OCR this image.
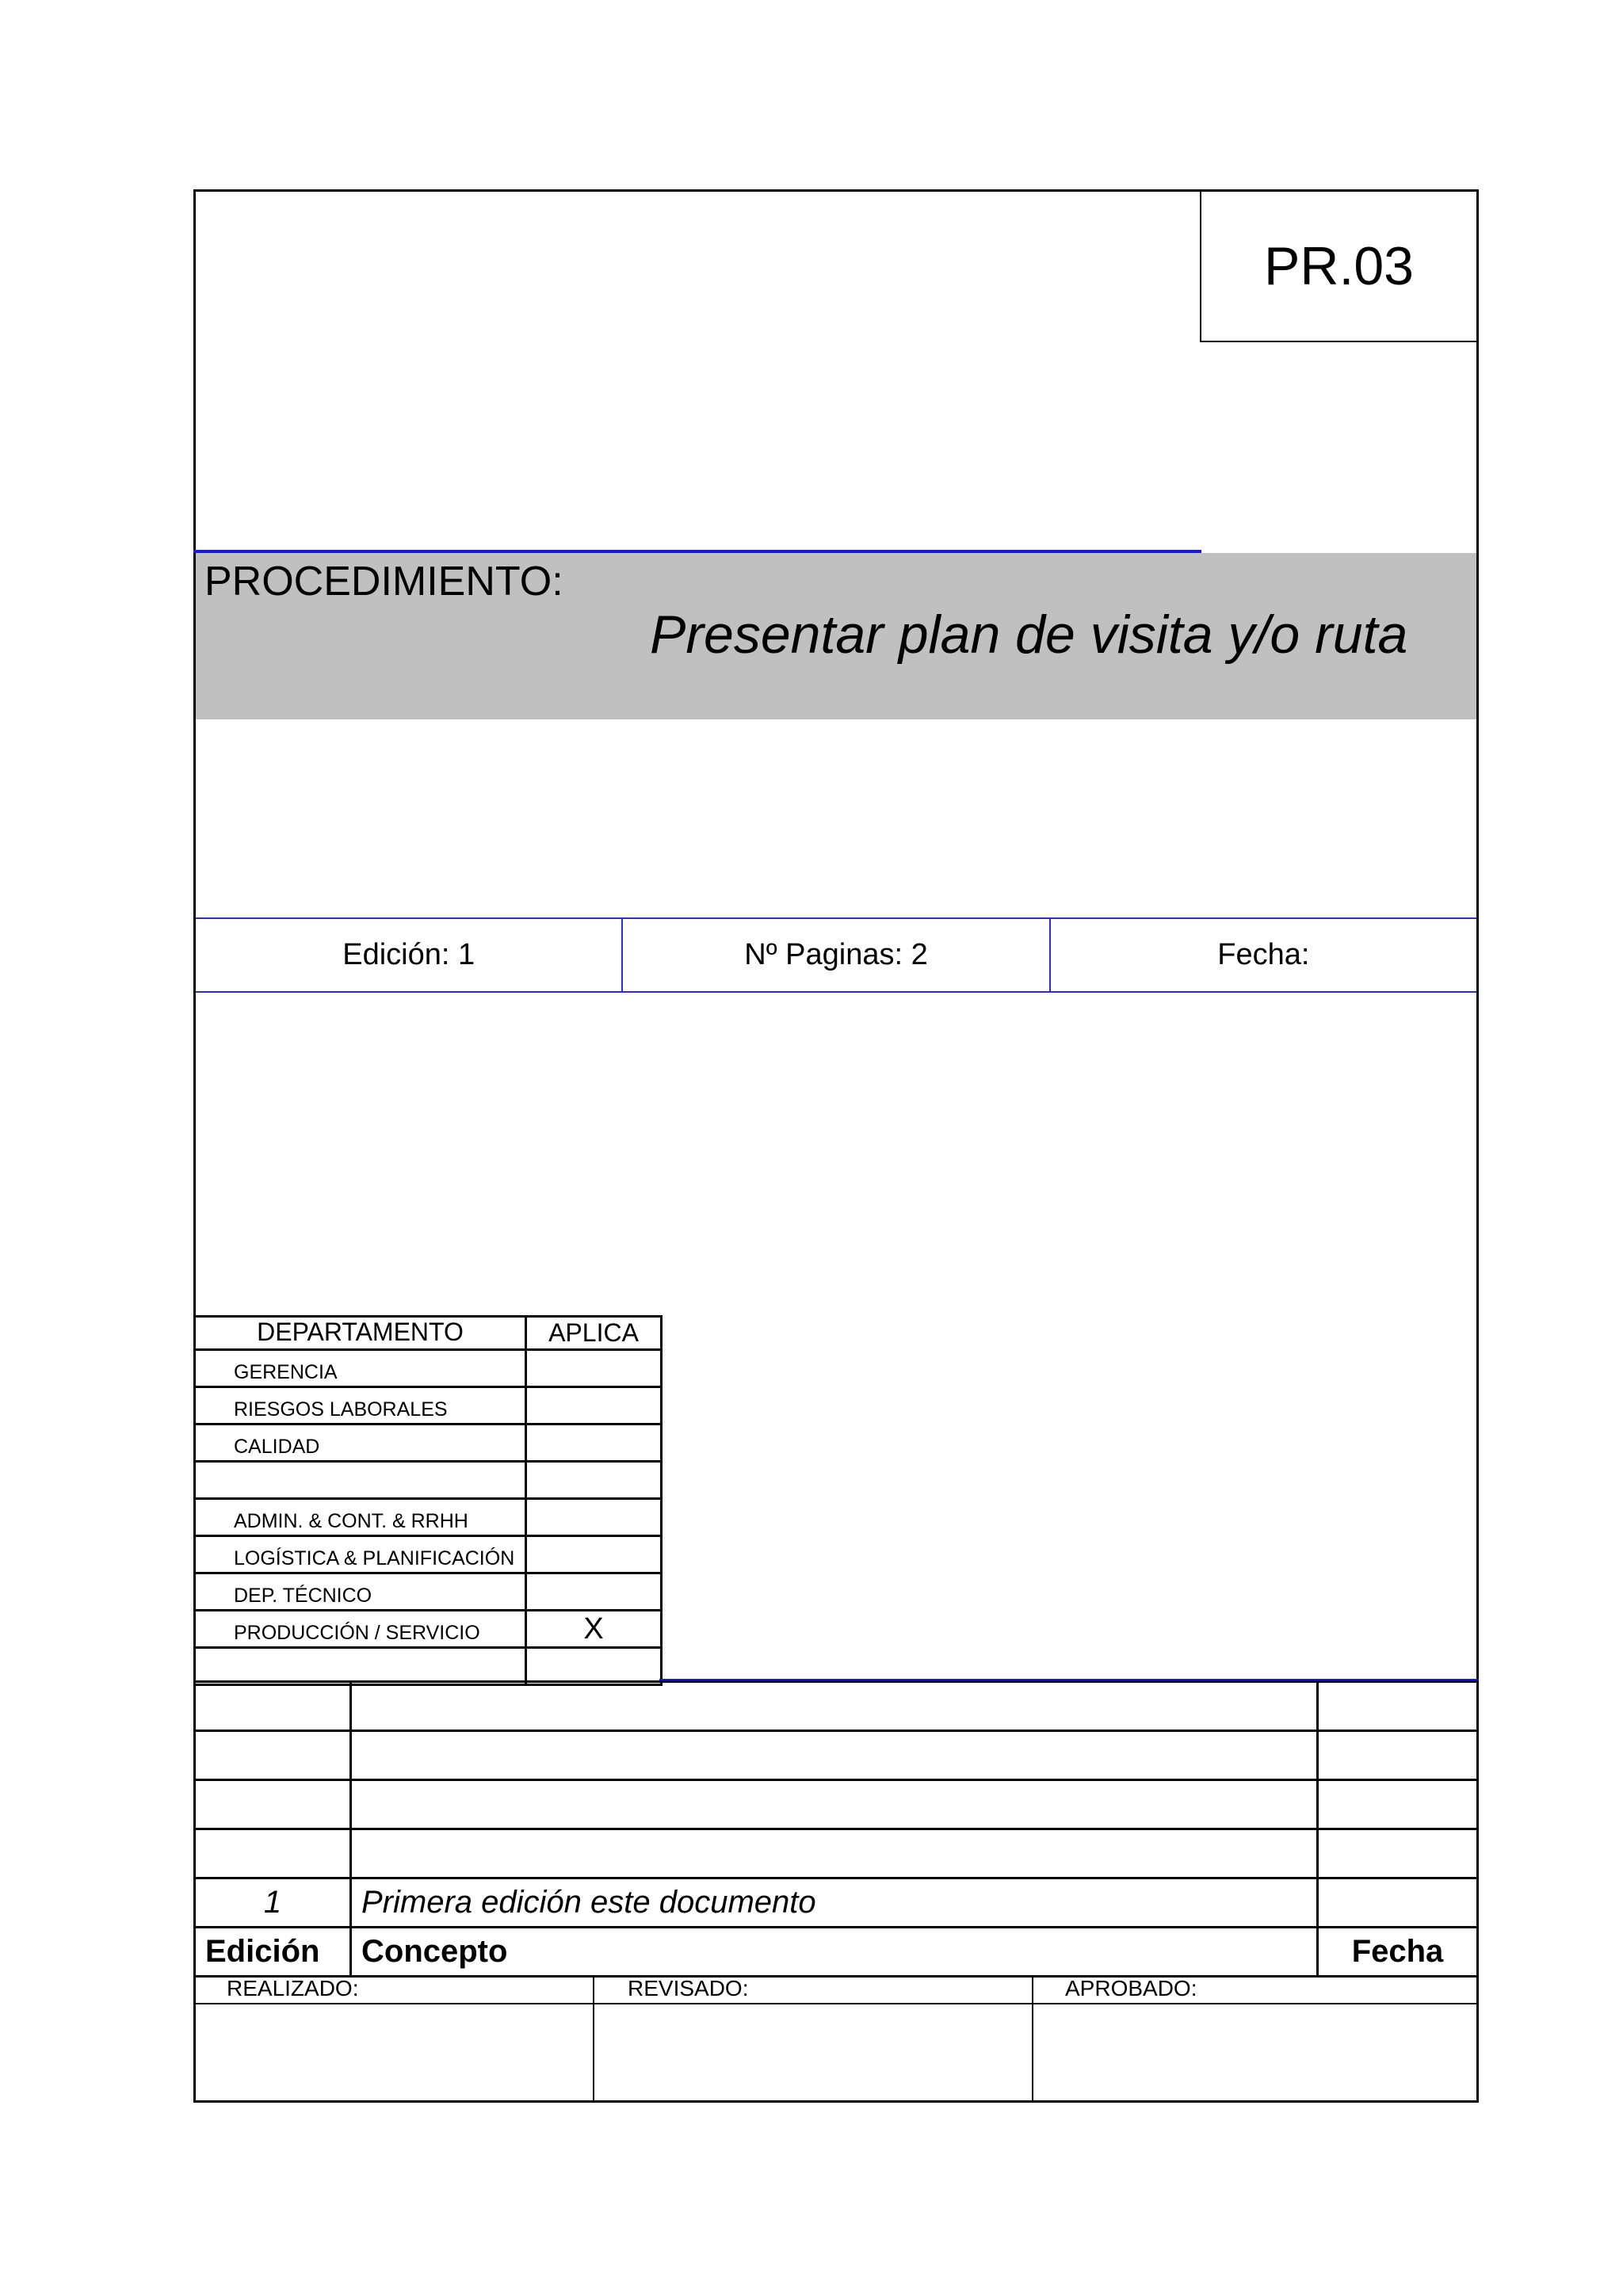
PR.03
PROCEDIMIENTO:
Presentar plan de visita y/o ruta
Edición: 1	Nº Paginas: 2	Fecha:
DEPARTAMENTO	APLICA
GERENCIA	
RIESGOS LABORALES	
CALIDAD	

ADMIN. & CONT. & RRHH	
LOGÍSTICA & PLANIFICACIÓN	
DEP. TÉCNICO	
PRODUCCIÓN / SERVICIO	X

1	Primera edición este documento	
Edición	Concepto	Fecha
REALIZADO:	REVISADO:	APROBADO:
